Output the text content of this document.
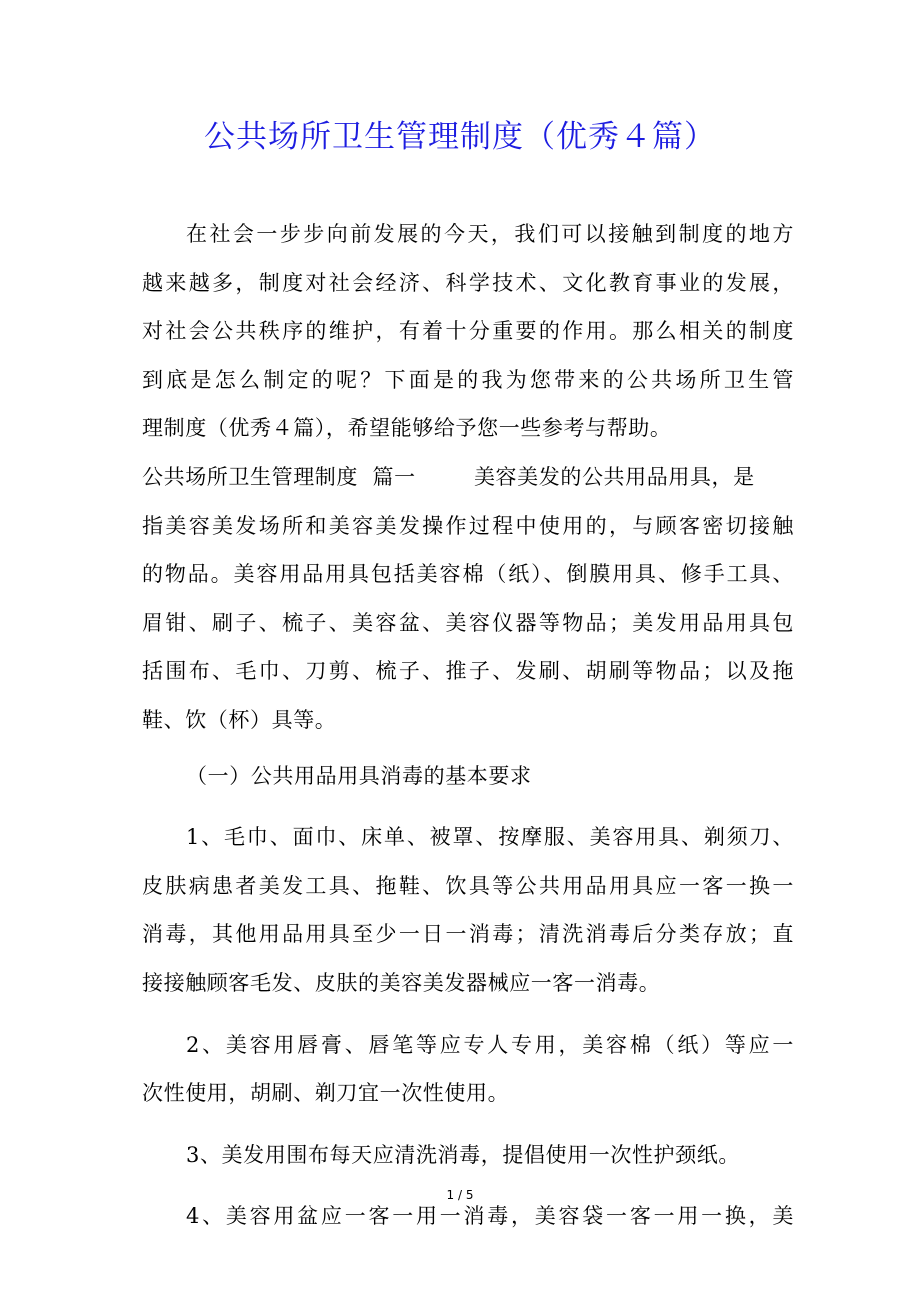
公共场所卫生管理制度（优秀４篇）
在社会一步步向前发展的今天，我们可以接触到制度的地方
越来越多，制度对社会经济、科学技术、文化教育事业的发展，
对社会公共秩序的维护，有着十分重要的作用。那么相关的制度
到底是怎么制定的呢？下面是的我为您带来的公共场所卫生管
理制度（优秀４篇），希望能够给予您一些参考与帮助。
公共场所卫生管理制度  篇一        美容美发的公共用品用具，是
指美容美发场所和美容美发操作过程中使用的，与顾客密切接触
的物品。美容用品用具包括美容棉（纸）、倒膜用具、修手工具、
眉钳、刷子、梳子、美容盆、美容仪器等物品；美发用品用具包
括围布、毛巾、刀剪、梳子、推子、发刷、胡刷等物品；以及拖
鞋、饮（杯）具等。
（一）公共用品用具消毒的基本要求
1、毛巾、面巾、床单、被罩、按摩服、美容用具、剃须刀、
皮肤病患者美发工具、拖鞋、饮具等公共用品用具应一客一换一
消毒，其他用品用具至少一日一消毒；清洗消毒后分类存放；直
接接触顾客毛发、皮肤的美容美发器械应一客一消毒。
2、美容用唇膏、唇笔等应专人专用，美容棉（纸）等应一
次性使用，胡刷、剃刀宜一次性使用。
3、美发用围布每天应清洗消毒，提倡使用一次性护颈纸。
4、美容用盆应一客一用一消毒，美容袋一客一用一换，美
1 / 5
